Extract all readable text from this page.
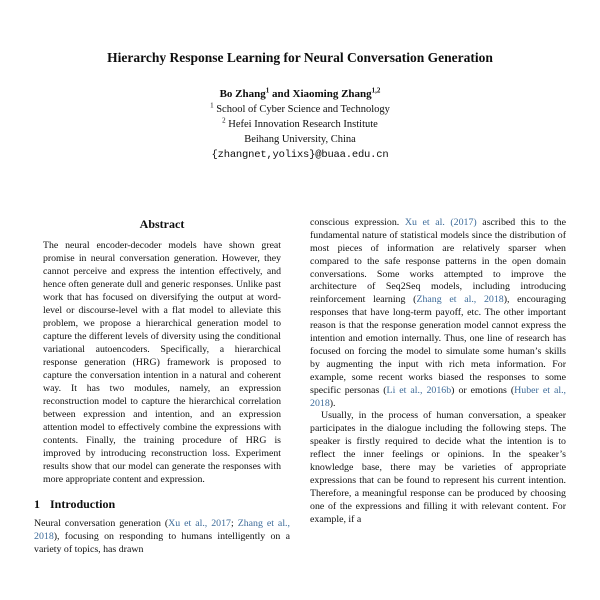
Hierarchy Response Learning for Neural Conversation Generation
Bo Zhang$^1$ and Xiaoming Zhang$^{1,2}$
$^1$ School of Cyber Science and Technology
$^2$ Hefei Innovation Research Institute
Beihang University, China
{zhangnet,yolixs}@buaa.edu.cn
Abstract
The neural encoder-decoder models have shown great promise in neural conversation generation. However, they cannot perceive and express the intention effectively, and hence often generate dull and generic responses. Unlike past work that has focused on diversifying the output at word-level or discourse-level with a flat model to alleviate this problem, we propose a hierarchical generation model to capture the different levels of diversity using the conditional variational autoencoders. Specifically, a hierarchical response generation (HRG) framework is proposed to capture the conversation intention in a natural and coherent way. It has two modules, namely, an expression reconstruction model to capture the hierarchical correlation between expression and intention, and an expression attention model to effectively combine the expressions with contents. Finally, the training procedure of HRG is improved by introducing reconstruction loss. Experiment results show that our model can generate the responses with more appropriate content and expression.
1 Introduction

Neural conversation generation (Xu et al., 2017; Zhang et al., 2018), focusing on responding to humans intelligently on a variety of topics, has drawn

conscious expression. Xu et al. (2017) ascribed this to the fundamental nature of statistical models since the distribution of most pieces of information are relatively sparser when compared to the safe response patterns in the open domain conversations. Some works attempted to improve the architecture of Seq2Seq models, including introducing reinforcement learning (Zhang et al., 2018), encouraging responses that have long-term payoff, etc. The other important reason is that the response generation model cannot express the intention and emotion internally. Thus, one line of research has focused on forcing the model to simulate some human’s skills by augmenting the input with rich meta information. For example, some recent works biased the responses to some specific personas (Li et al., 2016b) or emotions (Huber et al., 2018).

Usually, in the process of human conversation, a speaker participates in the dialogue including the following steps. The speaker is firstly required to decide what the intention is to reflect the inner feelings or opinions. In the speaker’s knowledge base, there may be varieties of appropriate expressions that can be found to represent his current intention. Therefore, a meaningful response can be produced by choosing one of the expressions and filling it with relevant content. For example, if a
